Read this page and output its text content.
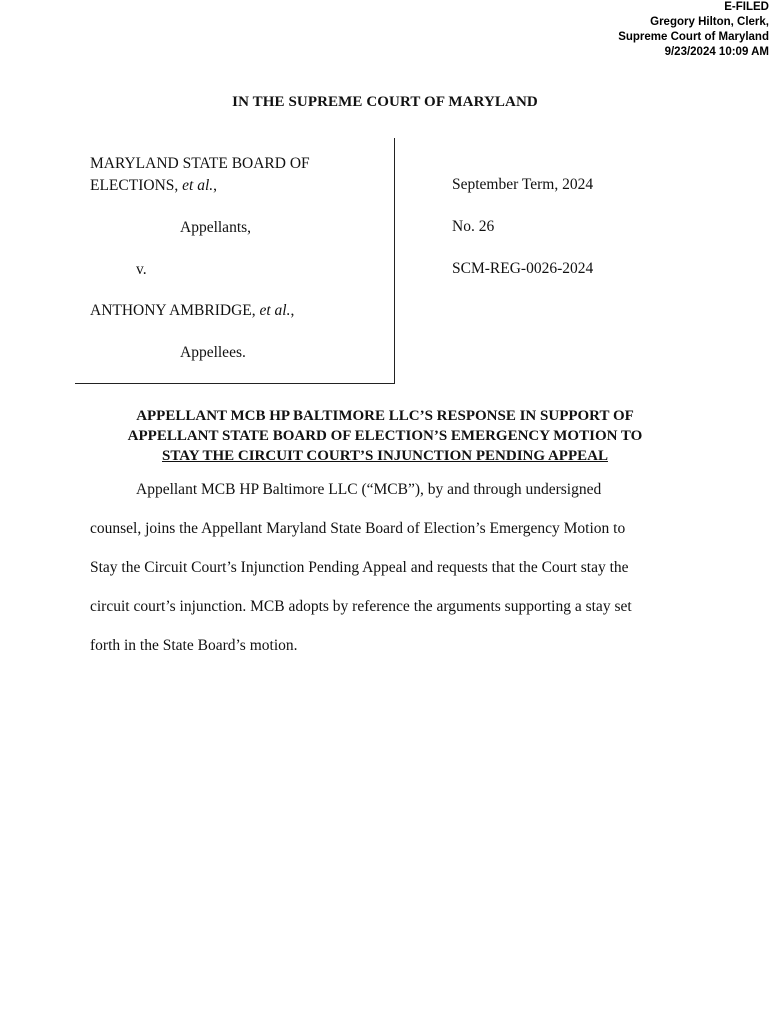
E-FILED
Gregory Hilton, Clerk,
Supreme Court of Maryland
9/23/2024 10:09 AM
IN THE SUPREME COURT OF MARYLAND
MARYLAND STATE BOARD OF
ELECTIONS, et al.,
Appellants,
v.
ANTHONY AMBRIDGE, et al.,
Appellees.
September Term, 2024
No. 26
SCM-REG-0026-2024
APPELLANT MCB HP BALTIMORE LLC’S RESPONSE IN SUPPORT OF
APPELLANT STATE BOARD OF ELECTION’S EMERGENCY MOTION TO
STAY THE CIRCUIT COURT’S INJUNCTION PENDING APPEAL
Appellant MCB HP Baltimore LLC (“MCB”), by and through undersigned
counsel, joins the Appellant Maryland State Board of Election’s Emergency Motion to
Stay the Circuit Court’s Injunction Pending Appeal and requests that the Court stay the
circuit court’s injunction. MCB adopts by reference the arguments supporting a stay set
forth in the State Board’s motion.
